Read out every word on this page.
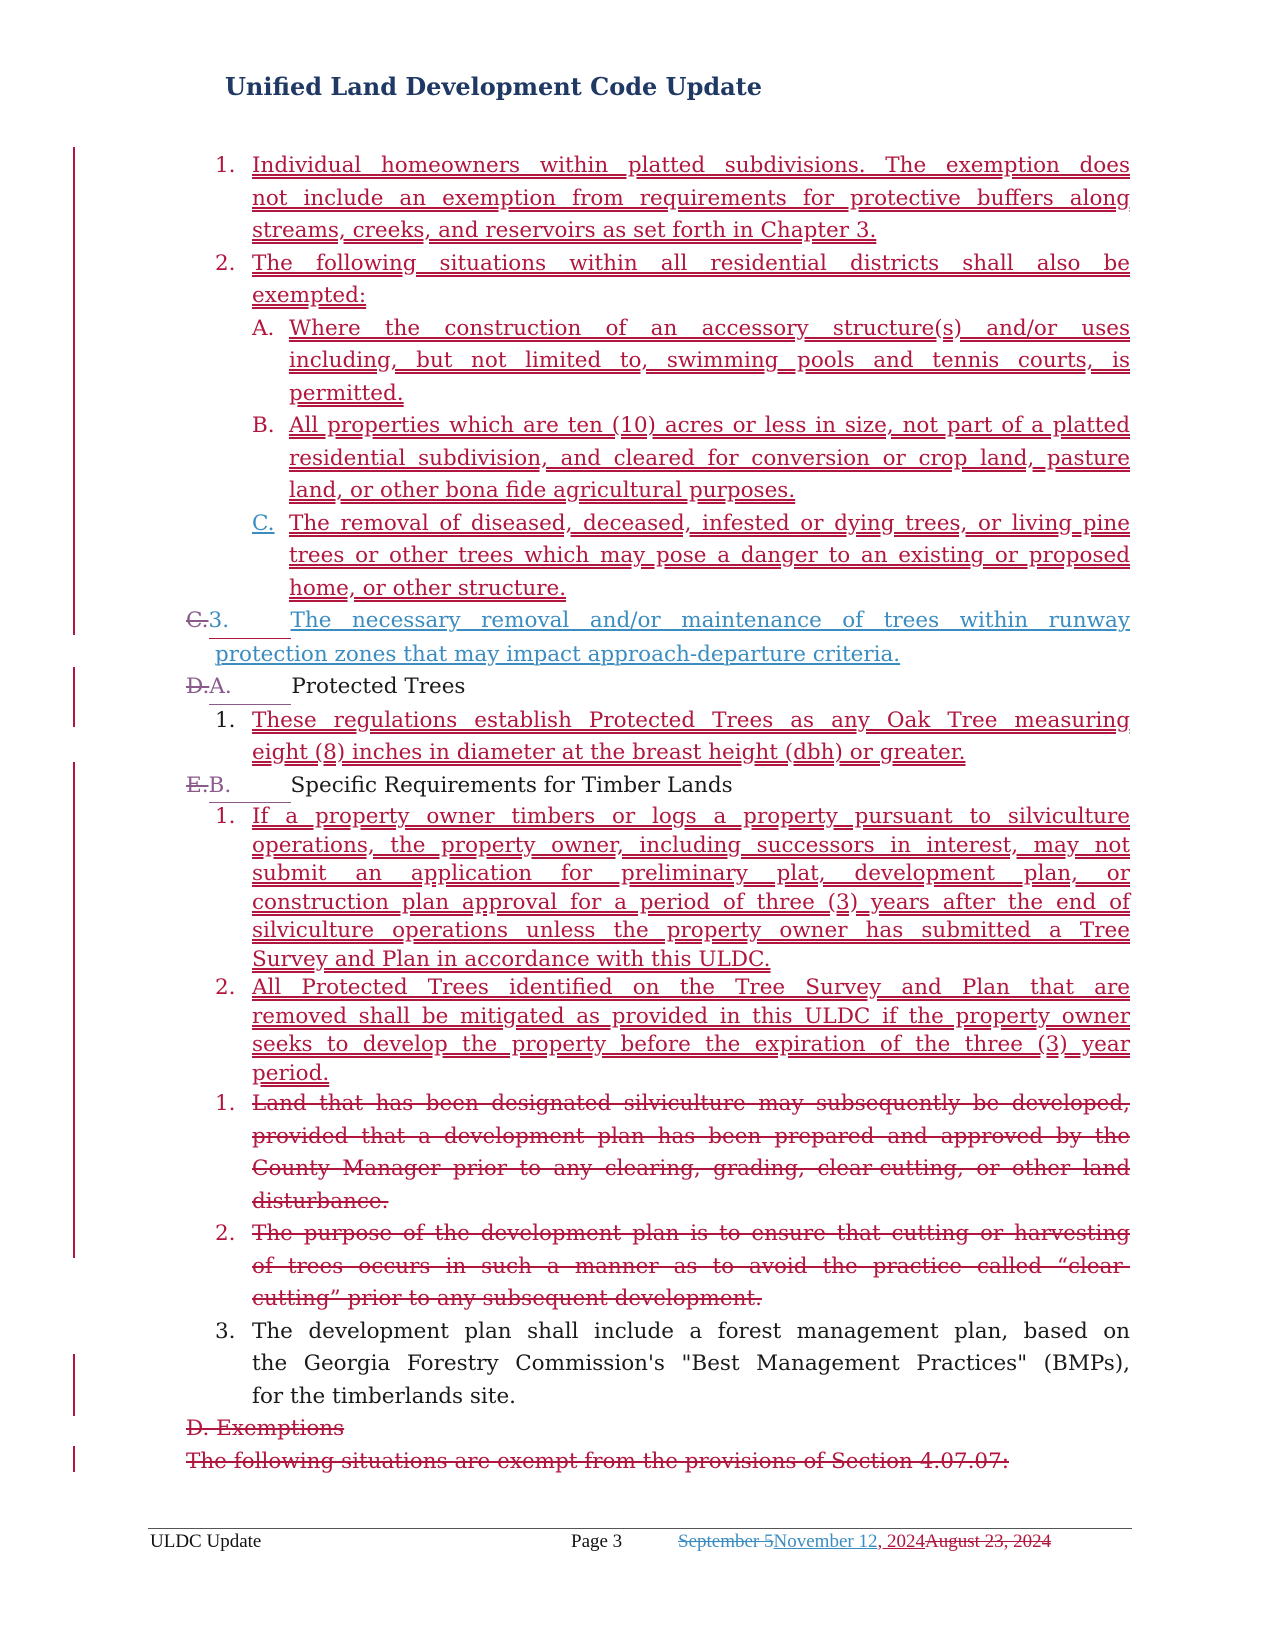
Unified Land Development Code Update
1. Individual homeowners within platted subdivisions. The exemption does
not include an exemption from requirements for protective buffers along
streams, creeks, and reservoirs as set forth in Chapter 3.
2. The following situations within all residential districts shall also be
exempted:
A. Where the construction of an accessory structure(s) and/or uses
including, but not limited to, swimming pools and tennis courts, is
permitted.
B. All properties which are ten (10) acres or less in size, not part of a platted
residential subdivision, and cleared for conversion or crop land, pasture
land, or other bona fide agricultural purposes.
C. The removal of diseased, deceased, infested or dying trees, or living pine
trees or other trees which may pose a danger to an existing or proposed
home, or other structure.
C.3.	The necessary removal and/or maintenance of trees within runway
protection zones that may impact approach-departure criteria.
D.A.	Protected Trees
1. These regulations establish Protected Trees as any Oak Tree measuring
eight (8) inches in diameter at the breast height (dbh) or greater.
E.B.	Specific Requirements for Timber Lands
1. If a property owner timbers or logs a property pursuant to silviculture
operations, the property owner, including successors in interest, may not
submit an application for preliminary plat, development plan, or
construction plan approval for a period of three (3) years after the end of
silviculture operations unless the property owner has submitted a Tree
Survey and Plan in accordance with this ULDC.
2. All Protected Trees identified on the Tree Survey and Plan that are
removed shall be mitigated as provided in this ULDC if the property owner
seeks to develop the property before the expiration of the three (3) year
period.
1. Land that has been designated silviculture may subsequently be developed,
provided that a development plan has been prepared and approved by the
County Manager prior to any clearing, grading, clear-cutting, or other land
disturbance.
2. The purpose of the development plan is to ensure that cutting or harvesting
of trees occurs in such a manner as to avoid the practice called “clear-
cutting” prior to any subsequent development.
3. The development plan shall include a forest management plan, based on
the Georgia Forestry Commission's "Best Management Practices" (BMPs),
for the timberlands site.
D. Exemptions
The following situations are exempt from the provisions of Section 4.07.07:
ULDC Update	Page 3	September 5November 12, 2024August 23, 2024
